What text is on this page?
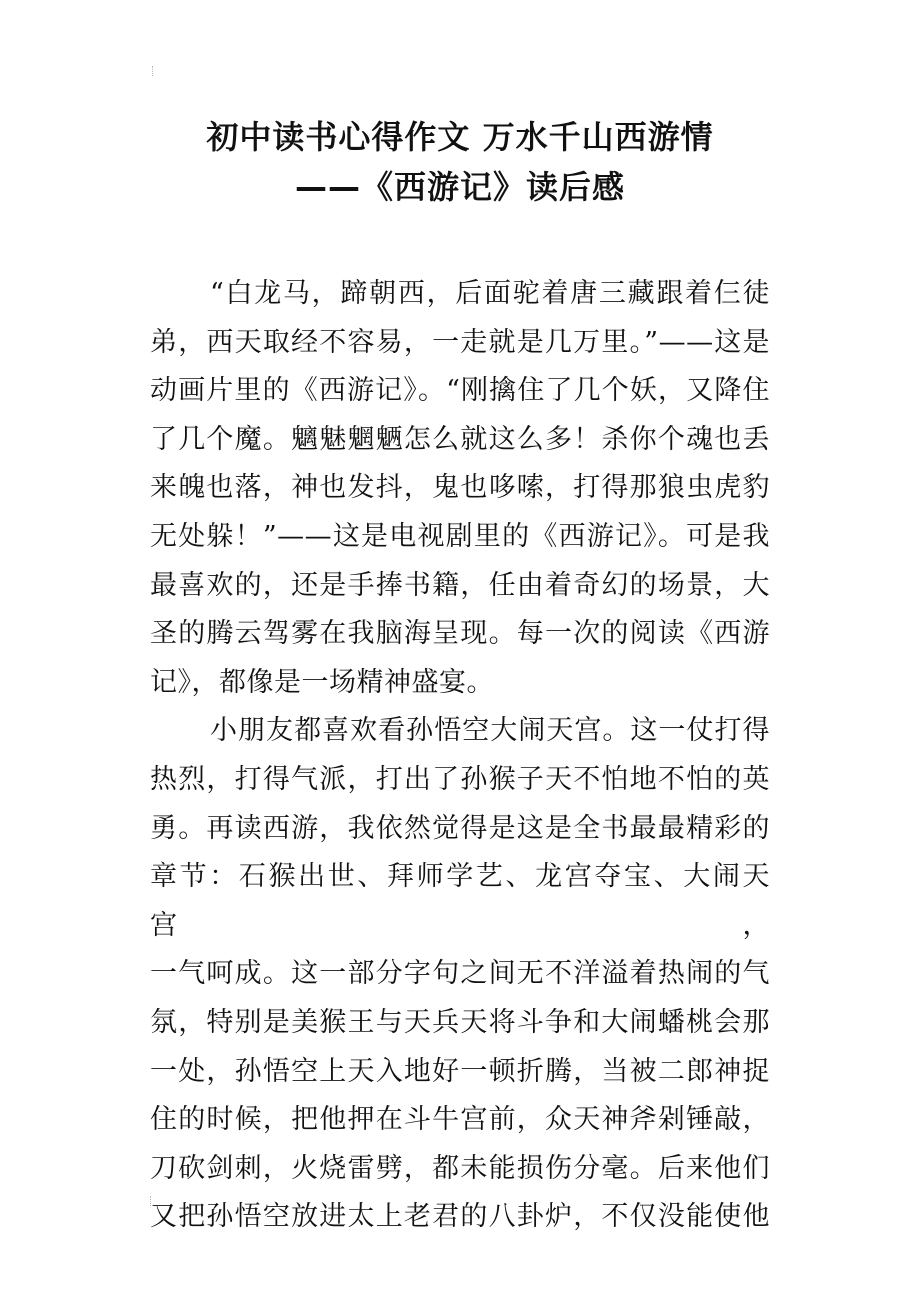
初中读书心得作文 万水千山西游情
——《西游记》读后感
“白龙马，蹄朝西，后面驼着唐三藏跟着仨徒
弟，西天取经不容易，一走就是几万里。”——这是
动画片里的《西游记》。“刚擒住了几个妖，又降住
了几个魔。魑魅魍魉怎么就这么多！杀你个魂也丢
来魄也落，神也发抖，鬼也哆嗦，打得那狼虫虎豹
无处躲！”——这是电视剧里的《西游记》。可是我
最喜欢的，还是手捧书籍，任由着奇幻的场景，大
圣的腾云驾雾在我脑海呈现。每一次的阅读《西游
记》，都像是一场精神盛宴。
小朋友都喜欢看孙悟空大闹天宫。这一仗打得
热烈，打得气派，打出了孙猴子天不怕地不怕的英
勇。再读西游，我依然觉得是这是全书最最精彩的
章节：石猴出世、拜师学艺、龙宫夺宝、大闹天宫，
一气呵成。这一部分字句之间无不洋溢着热闹的气
氛，特别是美猴王与天兵天将斗争和大闹蟠桃会那
一处，孙悟空上天入地好一顿折腾，当被二郎神捉
住的时候，把他押在斗牛宫前，众天神斧剁锤敲，
刀砍剑刺，火烧雷劈，都未能损伤分毫。后来他们
又把孙悟空放进太上老君的八卦炉，不仅没能使他
